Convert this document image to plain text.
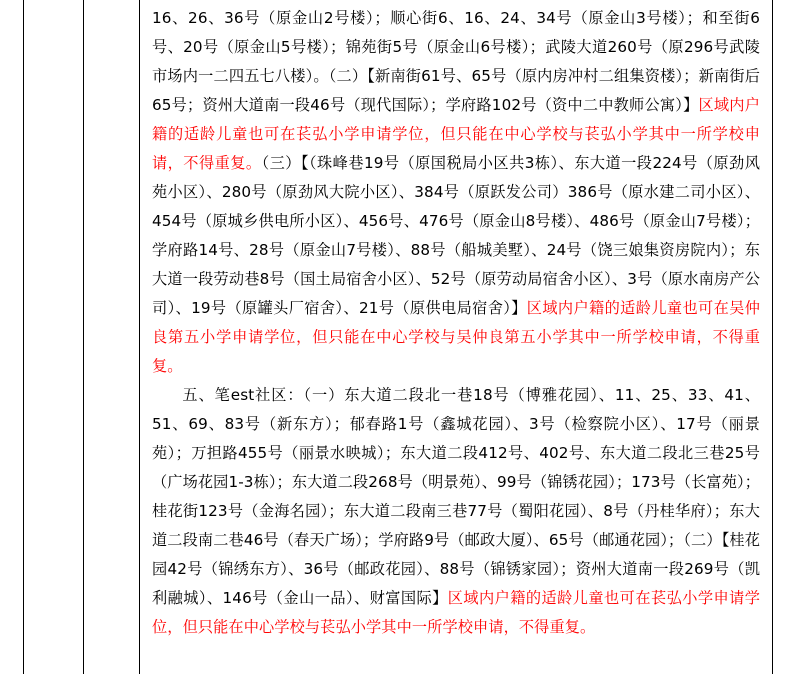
16、26、36号（原金山2号楼）；顺心街6、16、24、34号（原金山3号楼）；和至街6号、20号（原金山5号楼）；锦苑街5号（原金山6号楼）；武陵大道260号（原296号武陵市场内一二四五七八楼）。（二）【新南街61号、65号（原内房冲村二组集资楼）；新南街后65号；资州大道南一段46号（现代国际）；学府路102号（资中二中教师公寓）】区域内户籍的适龄儿童也可在苌弘小学申请学位，但只能在中心学校与苌弘小学其中一所学校申请，不得重复。（三）【（珠峰巷19号（原国税局小区共3栋）、东大道一段224号（原劲风苑小区）、280号（原劲风大院小区）、384号（原跃发公司）386号（原水建二司小区）、454号（原城乡供电所小区）、456号、476号（原金山8号楼）、486号（原金山7号楼）；学府路14号、28号（原金山7号楼）、88号（船城美墅）、24号（饶三娘集资房院内）；东大道一段劳动巷8号（国土局宿舍小区）、52号（原劳动局宿舍小区）、3号（原水南房产公司）、19号（原罐头厂宿舍）、21号（原供电局宿舍）】区域内户籍的适龄儿童也可在吴仲良第五小学申请学位，但只能在中心学校与吴仲良第五小学其中一所学校申请，不得重复。

五、笔est社区：（一）东大道二段北一巷18号（博雅花园）、11、25、33、41、51、69、83号（新东方）；郁春路1号（鑫城花园）、3号（检察院小区）、17号（丽景苑）；万担路455号（丽景水映城）；东大道二段412号、402号、东大道二段北三巷25号（广场花园1-3栋）；东大道二段268号（明景苑）、99号（锦锈花园）；173号（长富苑）；桂花街123号（金海名园）；东大道二段南三巷77号（蜀阳花园）、8号（丹桂华府）；东大道二段南二巷46号（春天广场）；学府路9号（邮政大厦）、65号（邮通花园）；（二）【桂花园42号（锦绣东方）、36号（邮政花园）、88号（锦锈家园）；资州大道南一段269号（凯利融城）、146号（金山一品）、财富国际】区域内户籍的适龄儿童也可在苌弘小学申请学位，但只能在中心学校与苌弘小学其中一所学校申请，不得重复。
